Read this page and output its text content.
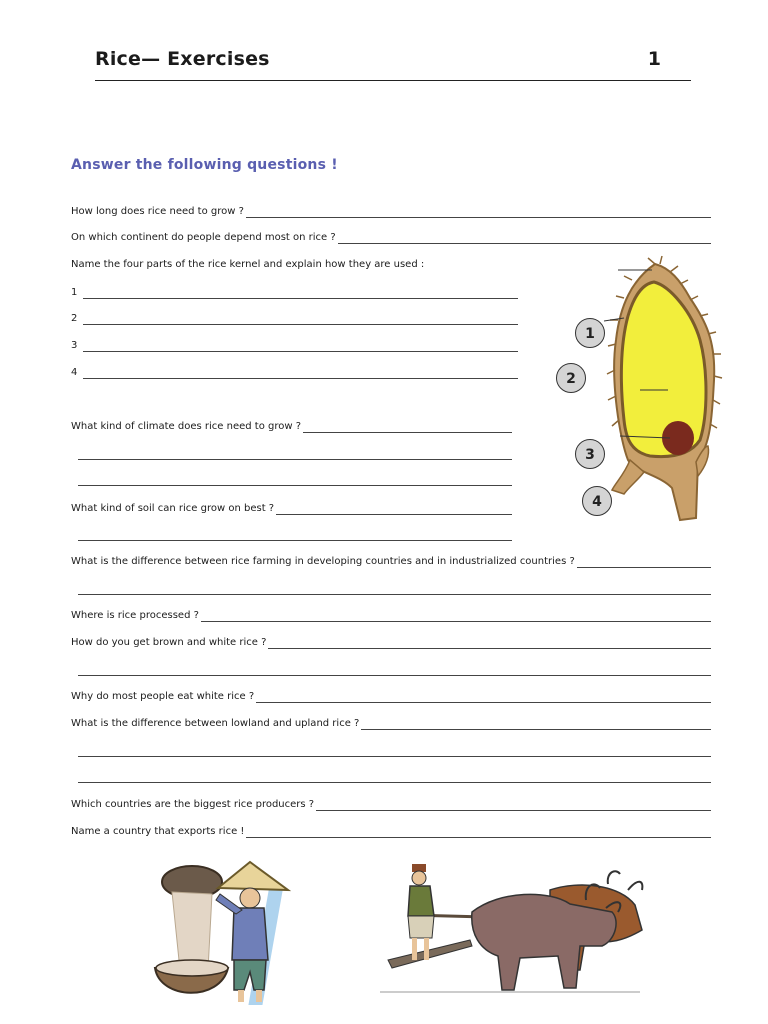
Rice— Exercises	1
Answer the following questions !
How long does rice need to grow ?
On which continent do people depend most on rice ?
Name the four parts of the rice kernel and explain how they are used :
1
2
3
4
What kind of climate does rice need to grow ?
What kind of soil can rice grow on best ?
What is the difference between rice farming in developing countries and in industrialized countries ?
Where is rice processed ?
How do you get brown and white rice ?
Why do most people eat white rice ?
What is the difference between lowland and upland rice ?
Which countries are the biggest rice producers ?
Name a country that exports rice !
1
2
3
4
